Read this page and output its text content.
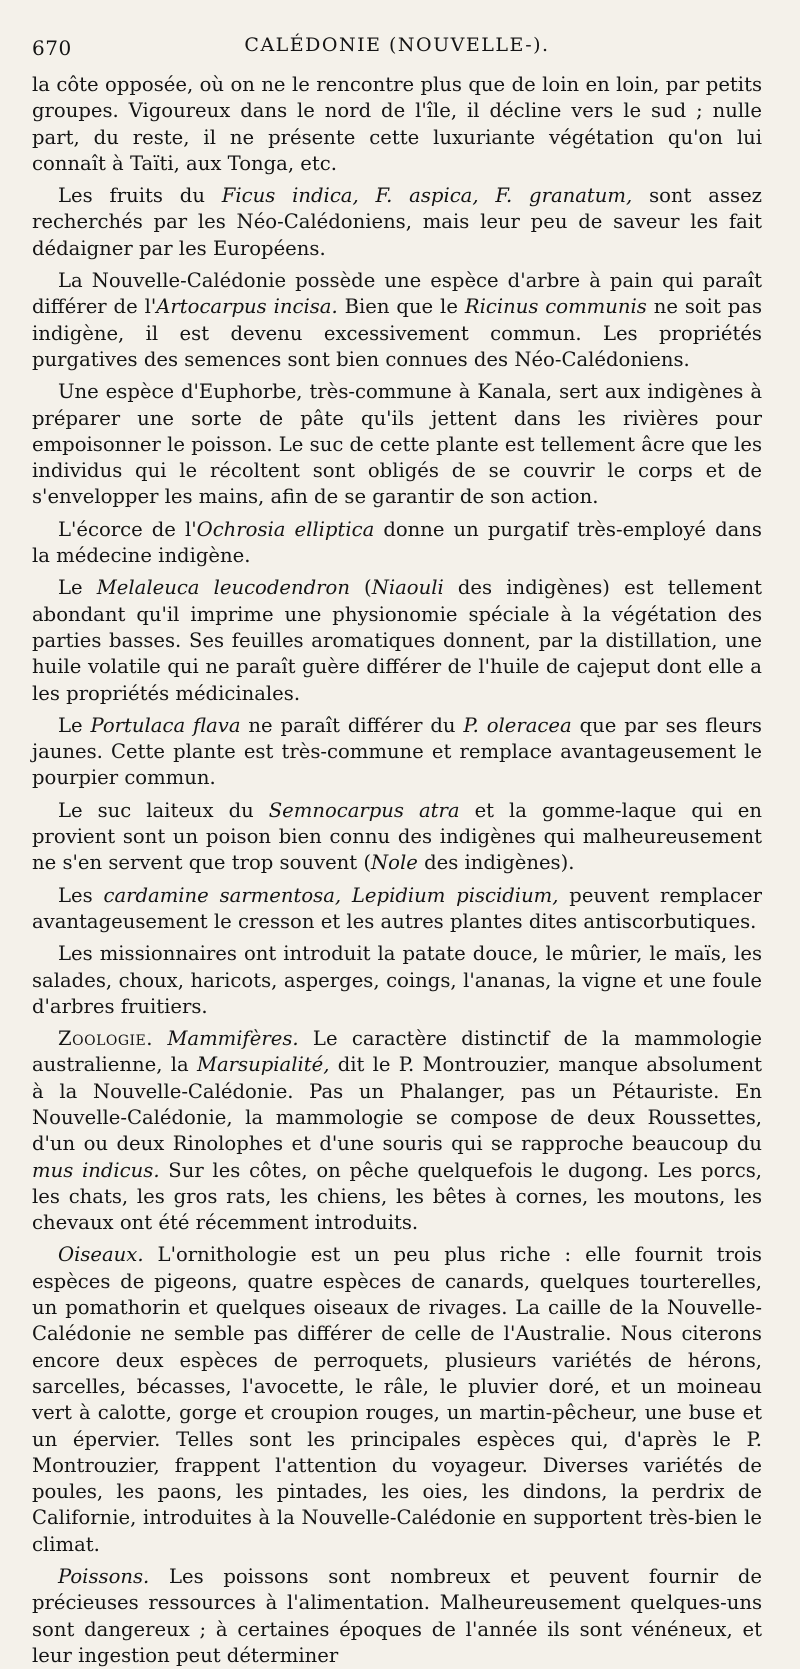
670	CALÉDONIE (NOUVELLE-).

la côte opposée, où on ne le rencontre plus que de loin en loin, par petits groupes. Vigoureux dans le nord de l'île, il décline vers le sud ; nulle part, du reste, il ne présente cette luxuriante végétation qu'on lui connaît à Taïti, aux Tonga, etc.

Les fruits du Ficus indica, F. aspica, F. granatum, sont assez recherchés par les Néo-Calédoniens, mais leur peu de saveur les fait dédaigner par les Européens.

La Nouvelle-Calédonie possède une espèce d'arbre à pain qui paraît différer de l'Artocarpus incisa. Bien que le Ricinus communis ne soit pas indigène, il est devenu excessivement commun. Les propriétés purgatives des semences sont bien connues des Néo-Calédoniens.

Une espèce d'Euphorbe, très-commune à Kanala, sert aux indigènes à préparer une sorte de pâte qu'ils jettent dans les rivières pour empoisonner le poisson. Le suc de cette plante est tellement âcre que les individus qui le récoltent sont obligés de se couvrir le corps et de s'envelopper les mains, afin de se garantir de son action.

L'écorce de l'Ochrosia elliptica donne un purgatif très-employé dans la médecine indigène.

Le Melaleuca leucodendron (Niaouli des indigènes) est tellement abondant qu'il imprime une physionomie spéciale à la végétation des parties basses. Ses feuilles aromatiques donnent, par la distillation, une huile volatile qui ne paraît guère différer de l'huile de cajeput dont elle a les propriétés médicinales.

Le Portulaca flava ne paraît différer du P. oleracea que par ses fleurs jaunes. Cette plante est très-commune et remplace avantageusement le pourpier commun.

Le suc laiteux du Semnocarpus atra et la gomme-laque qui en provient sont un poison bien connu des indigènes qui malheureusement ne s'en servent que trop souvent (Nole des indigènes).

Les cardamine sarmentosa, Lepidium piscidium, peuvent remplacer avantageusement le cresson et les autres plantes dites antiscorbutiques.

Les missionnaires ont introduit la patate douce, le mûrier, le maïs, les salades, choux, haricots, asperges, coings, l'ananas, la vigne et une foule d'arbres fruitiers.

Zoologie. Mammifères. Le caractère distinctif de la mammologie australienne, la Marsupialité, dit le P. Montrouzier, manque absolument à la Nouvelle-Calédonie. Pas un Phalanger, pas un Pétauriste. En Nouvelle-Calédonie, la mammologie se compose de deux Roussettes, d'un ou deux Rinolophes et d'une souris qui se rapproche beaucoup du mus indicus. Sur les côtes, on pêche quelquefois le dugong. Les porcs, les chats, les gros rats, les chiens, les bêtes à cornes, les moutons, les chevaux ont été récemment introduits.

Oiseaux. L'ornithologie est un peu plus riche : elle fournit trois espèces de pigeons, quatre espèces de canards, quelques tourterelles, un pomathorin et quelques oiseaux de rivages. La caille de la Nouvelle-Calédonie ne semble pas différer de celle de l'Australie. Nous citerons encore deux espèces de perroquets, plusieurs variétés de hérons, sarcelles, bécasses, l'avocette, le râle, le pluvier doré, et un moineau vert à calotte, gorge et croupion rouges, un martin-pêcheur, une buse et un épervier. Telles sont les principales espèces qui, d'après le P. Montrouzier, frappent l'attention du voyageur. Diverses variétés de poules, les paons, les pintades, les oies, les dindons, la perdrix de Californie, introduites à la Nouvelle-Calédonie en supportent très-bien le climat.

Poissons. Les poissons sont nombreux et peuvent fournir de précieuses ressources à l'alimentation. Malheureusement quelques-uns sont dangereux ; à certaines époques de l'année ils sont vénéneux, et leur ingestion peut déterminer
